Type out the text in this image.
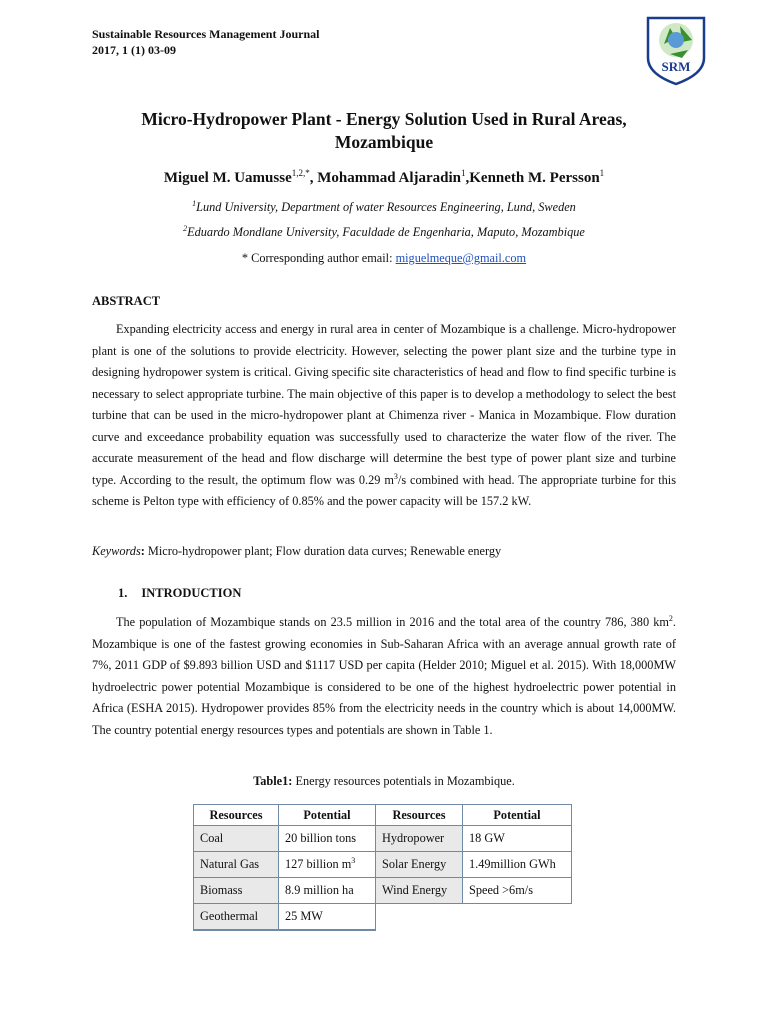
Sustainable Resources Management Journal
2017, 1 (1) 03-09
SRM
Micro-Hydropower Plant - Energy Solution Used in Rural Areas,
Mozambique
Miguel M. Uamusse$^{1,2,*}$, Mohammad Aljaradin$^1$,Kenneth M. Persson$^1$
$^1$Lund University, Department of water Resources Engineering, Lund, Sweden
$^2$Eduardo Mondlane University, Faculdade de Engenharia, Maputo, Mozambique
* Corresponding author email: miguelmeque@gmail.com
ABSTRACT

Expanding electricity access and energy in rural area in center of Mozambique is a challenge. Micro-hydropower plant is one of the solutions to provide electricity. However, selecting the power plant size and the turbine type in designing hydropower system is critical. Giving specific site characteristics of head and flow to find specific turbine is necessary to select appropriate turbine. The main objective of this paper is to develop a methodology to select the best turbine that can be used in the micro-hydropower plant at Chimenza river - Manica in Mozambique. Flow duration curve and exceedance probability equation was successfully used to characterize the water flow of the river. The accurate measurement of the head and flow discharge will determine the best type of power plant size and turbine type. According to the result, the optimum flow was 0.29 $m^3/s$ combined with head. The appropriate turbine for this scheme is Pelton type with efficiency of 0.85% and the power capacity will be 157.2 kW.

Keywords: Micro-hydropower plant; Flow duration data curves; Renewable energy
1. INTRODUCTION

The population of Mozambique stands on 23.5 million in 2016 and the total area of the country 786, 380 $km^2$. Mozambique is one of the fastest growing economies in Sub-Saharan Africa with an average annual growth rate of 7%, 2011 GDP of $9.893 billion USD and $1117 USD per capita (Helder 2010; Miguel et al. 2015). With 18,000MW hydroelectric power potential Mozambique is considered to be one of the highest hydroelectric power potential in Africa (ESHA 2015). Hydropower provides 85% from the electricity needs in the country which is about 14,000MW. The country potential energy resources types and potentials are shown in Table 1.

Table1: Energy resources potentials in Mozambique.
Resources	Potential	Resources	Potential
Coal	20 billion tons	Hydropower	18 GW
Natural Gas	127 billion $m^3$	Solar Energy	1.49million GWh
Biomass	8.9 million ha	Wind Energy	Speed >6m/s
Geothermal	25 MW		
